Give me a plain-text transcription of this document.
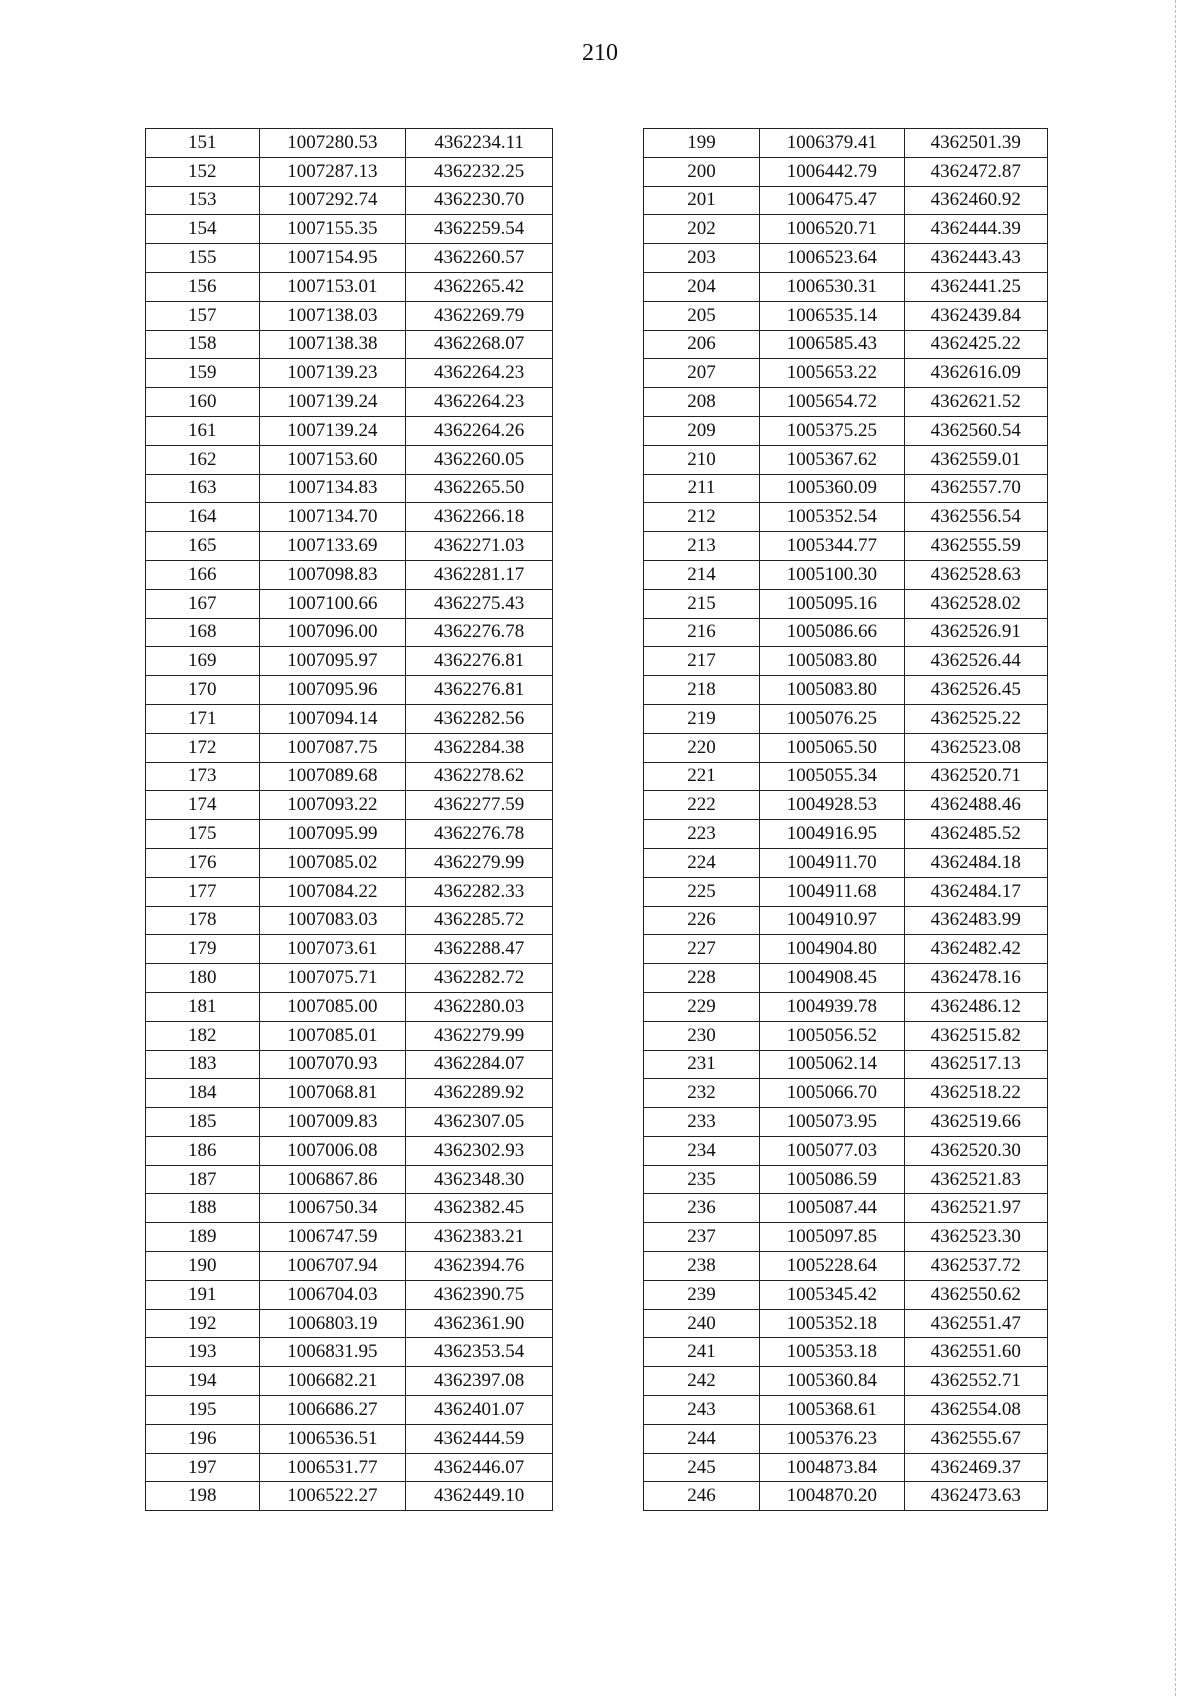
210
151	1007280.53	4362234.11
152	1007287.13	4362232.25
153	1007292.74	4362230.70
154	1007155.35	4362259.54
155	1007154.95	4362260.57
156	1007153.01	4362265.42
157	1007138.03	4362269.79
158	1007138.38	4362268.07
159	1007139.23	4362264.23
160	1007139.24	4362264.23
161	1007139.24	4362264.26
162	1007153.60	4362260.05
163	1007134.83	4362265.50
164	1007134.70	4362266.18
165	1007133.69	4362271.03
166	1007098.83	4362281.17
167	1007100.66	4362275.43
168	1007096.00	4362276.78
169	1007095.97	4362276.81
170	1007095.96	4362276.81
171	1007094.14	4362282.56
172	1007087.75	4362284.38
173	1007089.68	4362278.62
174	1007093.22	4362277.59
175	1007095.99	4362276.78
176	1007085.02	4362279.99
177	1007084.22	4362282.33
178	1007083.03	4362285.72
179	1007073.61	4362288.47
180	1007075.71	4362282.72
181	1007085.00	4362280.03
182	1007085.01	4362279.99
183	1007070.93	4362284.07
184	1007068.81	4362289.92
185	1007009.83	4362307.05
186	1007006.08	4362302.93
187	1006867.86	4362348.30
188	1006750.34	4362382.45
189	1006747.59	4362383.21
190	1006707.94	4362394.76
191	1006704.03	4362390.75
192	1006803.19	4362361.90
193	1006831.95	4362353.54
194	1006682.21	4362397.08
195	1006686.27	4362401.07
196	1006536.51	4362444.59
197	1006531.77	4362446.07
198	1006522.27	4362449.10
199	1006379.41	4362501.39
200	1006442.79	4362472.87
201	1006475.47	4362460.92
202	1006520.71	4362444.39
203	1006523.64	4362443.43
204	1006530.31	4362441.25
205	1006535.14	4362439.84
206	1006585.43	4362425.22
207	1005653.22	4362616.09
208	1005654.72	4362621.52
209	1005375.25	4362560.54
210	1005367.62	4362559.01
211	1005360.09	4362557.70
212	1005352.54	4362556.54
213	1005344.77	4362555.59
214	1005100.30	4362528.63
215	1005095.16	4362528.02
216	1005086.66	4362526.91
217	1005083.80	4362526.44
218	1005083.80	4362526.45
219	1005076.25	4362525.22
220	1005065.50	4362523.08
221	1005055.34	4362520.71
222	1004928.53	4362488.46
223	1004916.95	4362485.52
224	1004911.70	4362484.18
225	1004911.68	4362484.17
226	1004910.97	4362483.99
227	1004904.80	4362482.42
228	1004908.45	4362478.16
229	1004939.78	4362486.12
230	1005056.52	4362515.82
231	1005062.14	4362517.13
232	1005066.70	4362518.22
233	1005073.95	4362519.66
234	1005077.03	4362520.30
235	1005086.59	4362521.83
236	1005087.44	4362521.97
237	1005097.85	4362523.30
238	1005228.64	4362537.72
239	1005345.42	4362550.62
240	1005352.18	4362551.47
241	1005353.18	4362551.60
242	1005360.84	4362552.71
243	1005368.61	4362554.08
244	1005376.23	4362555.67
245	1004873.84	4362469.37
246	1004870.20	4362473.63
